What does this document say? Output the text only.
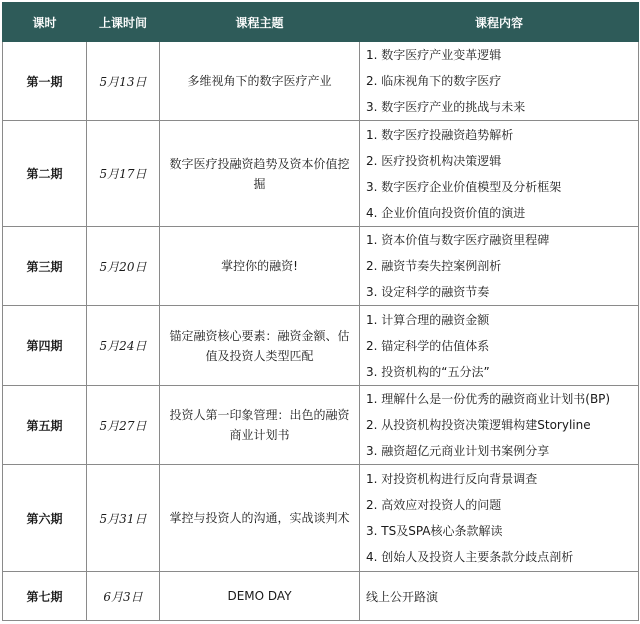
课时	上课时间	课程主题	课程内容
第一期	5月13日	多维视角下的数字医疗产业	1. 数字医疗产业变革逻辑
2. 临床视角下的数字医疗
3. 数字医疗产业的挑战与未来

第二期	5月17日	数字医疗投融资趋势及资本价值挖掘	1. 数字医疗投融资趋势解析
2. 医疗投资机构决策逻辑
3. 数字医疗企业价值模型及分析框架
4. 企业价值向投资价值的演进

第三期	5月20日	掌控你的融资!	1. 资本价值与数字医疗融资里程碑
2. 融资节奏失控案例剖析
3. 设定科学的融资节奏

第四期	5月24日	锚定融资核心要素：融资金额、估值及投资人类型匹配	1. 计算合理的融资金额
2. 锚定科学的估值体系
3. 投资机构的“五分法”

第五期	5月27日	投资人第一印象管理：出色的融资商业计划书	1. 理解什么是一份优秀的融资商业计划书(BP)
2. 从投资机构投资决策逻辑构建Storyline
3. 融资超亿元商业计划书案例分享

第六期	5月31日	掌控与投资人的沟通，实战谈判术	1. 对投资机构进行反向背景调查
2. 高效应对投资人的问题
3. TS及SPA核心条款解读
4. 创始人及投资人主要条款分歧点剖析

第七期	6月3日	DEMO DAY	线上公开路演
